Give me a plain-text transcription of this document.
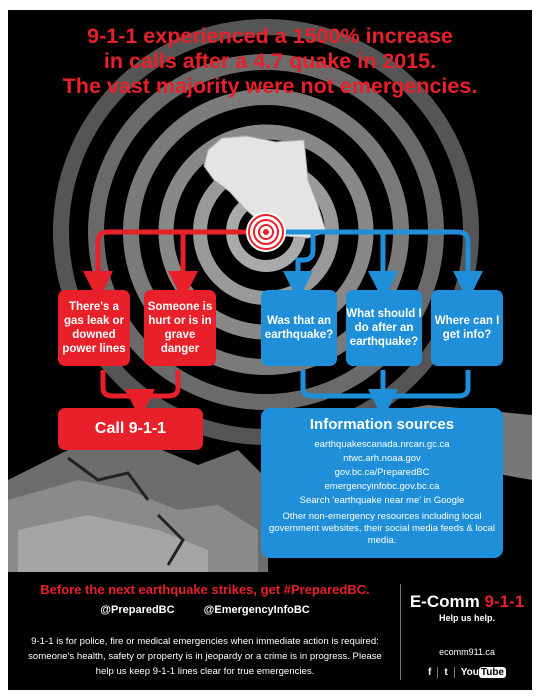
9-1-1 experienced a 1500% increase
in calls after a 4.7 quake in 2015.
The vast majority were not emergencies.
There's a gas leak or downed power lines
Someone is hurt or is in grave danger
Was that an earthquake?
What should I do after an earthquake?
Where can I get info?
Call 9-1-1	Information sources
earthquakescanada.nrcan.gc.ca
ntwc.arh.noaa.gov
gov.bc.ca/PreparedBC
emergencyinfobc.gov.bc.ca
Search 'earthquake near me' in Google
Other non-emergency resources including local government websites, their social media feeds & local media.
Before the next earthquake strikes, get #PreparedBC.
@PreparedBC	@EmergencyInfoBC
9-1-1 is for police, fire or medical emergencies when immediate action is required: someone's health, safety or property is in jeopardy or a crime is in progress. Please help us keep 9-1-1 lines clear for true emergencies.
E-Comm 9-1-1
Help us help.
ecomm911.ca
f t You Tube
